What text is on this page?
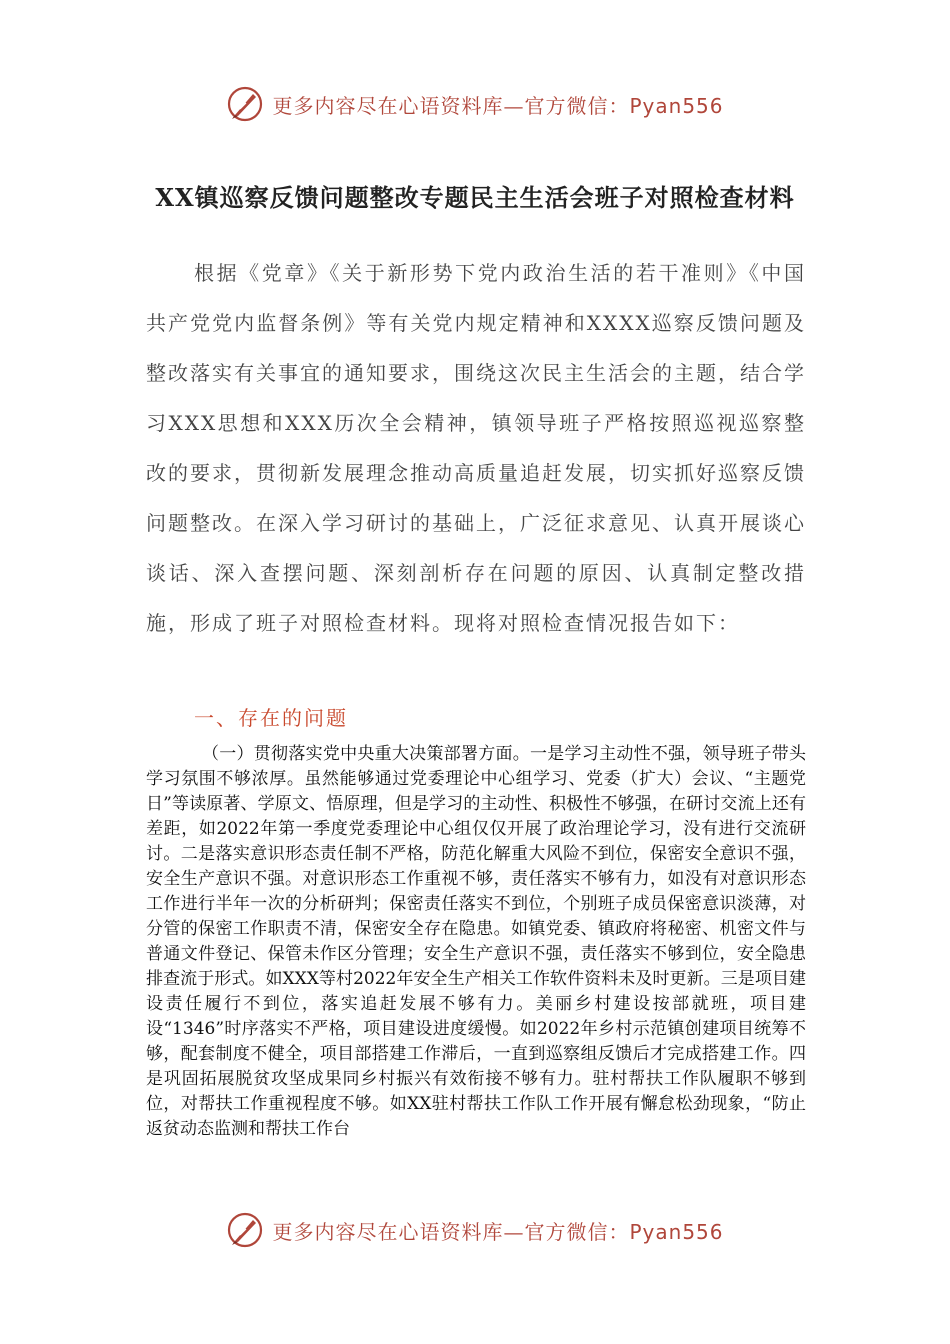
更多内容尽在心语资料库—官方微信：Pyan556
XX镇巡察反馈问题整改专题民主生活会班子对照检查材料
根据《党章》《关于新形势下党内政治生活的若干准则》《中国共产党党内监督条例》等有关党内规定精神和XXXX巡察反馈问题及整改落实有关事宜的通知要求，围绕这次民主生活会的主题，结合学习XXX思想和XXX历次全会精神，镇领导班子严格按照巡视巡察整改的要求，贯彻新发展理念推动高质量追赶发展，切实抓好巡察反馈问题整改。在深入学习研讨的基础上，广泛征求意见、认真开展谈心谈话、深入查摆问题、深刻剖析存在问题的原因、认真制定整改措施，形成了班子对照检查材料。现将对照检查情况报告如下：
一、存在的问题
（一）贯彻落实党中央重大决策部署方面。一是学习主动性不强，领导班子带头学习氛围不够浓厚。虽然能够通过党委理论中心组学习、党委（扩大）会议、“主题党日”等读原著、学原文、悟原理，但是学习的主动性、积极性不够强，在研讨交流上还有差距，如2022年第一季度党委理论中心组仅仅开展了政治理论学习，没有进行交流研讨。二是落实意识形态责任制不严格，防范化解重大风险不到位，保密安全意识不强，安全生产意识不强。对意识形态工作重视不够，责任落实不够有力，如没有对意识形态工作进行半年一次的分析研判；保密责任落实不到位，个别班子成员保密意识淡薄，对分管的保密工作职责不清，保密安全存在隐患。如镇党委、镇政府将秘密、机密文件与普通文件登记、保管未作区分管理；安全生产意识不强，责任落实不够到位，安全隐患排查流于形式。如XXX等村2022年安全生产相关工作软件资料未及时更新。三是项目建设责任履行不到位，落实追赶发展不够有力。美丽乡村建设按部就班，项目建设“1346”时序落实不严格，项目建设进度缓慢。如2022年乡村示范镇创建项目统筹不够，配套制度不健全，项目部搭建工作滞后，一直到巡察组反馈后才完成搭建工作。四是巩固拓展脱贫攻坚成果同乡村振兴有效衔接不够有力。驻村帮扶工作队履职不够到位，对帮扶工作重视程度不够。如XX驻村帮扶工作队工作开展有懈怠松劲现象，“防止返贫动态监测和帮扶工作台
更多内容尽在心语资料库—官方微信：Pyan556
